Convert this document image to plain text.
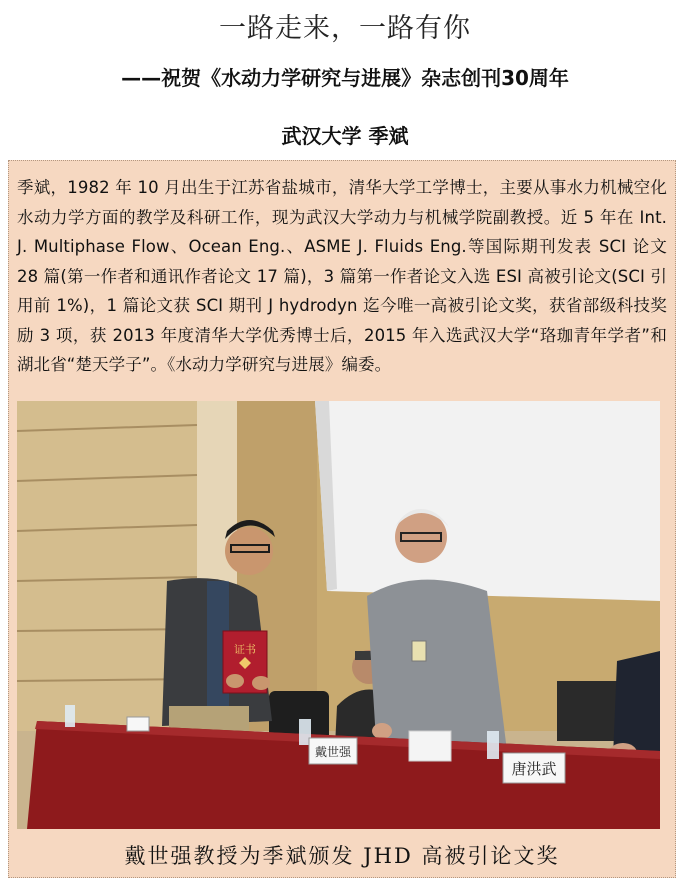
一路走来，一路有你
——祝贺《水动力学研究与进展》杂志创刊30周年
武汉大学 季斌
季斌，1982 年 10 月出生于江苏省盐城市，清华大学工学博士，主要从事水力机械空化水动力学方面的教学及科研工作，现为武汉大学动力与机械学院副教授。近 5 年在 Int. J. Multiphase Flow、Ocean Eng.、ASME J. Fluids Eng.等国际期刊发表 SCI 论文 28 篇(第一作者和通讯作者论文 17 篇)，3 篇第一作者论文入选 ESI 高被引论文(SCI 引用前 1%)，1 篇论文获 SCI 期刊 J hydrodyn 迄今唯一高被引论文奖，获省部级科技奖励 3 项，获 2013 年度清华大学优秀博士后，2015 年入选武汉大学“珞珈青年学者”和湖北省“楚天学子”。《水动力学研究与进展》编委。
证书
戴世强
唐洪武
戴世强教授为季斌颁发 JHD 高被引论文奖
